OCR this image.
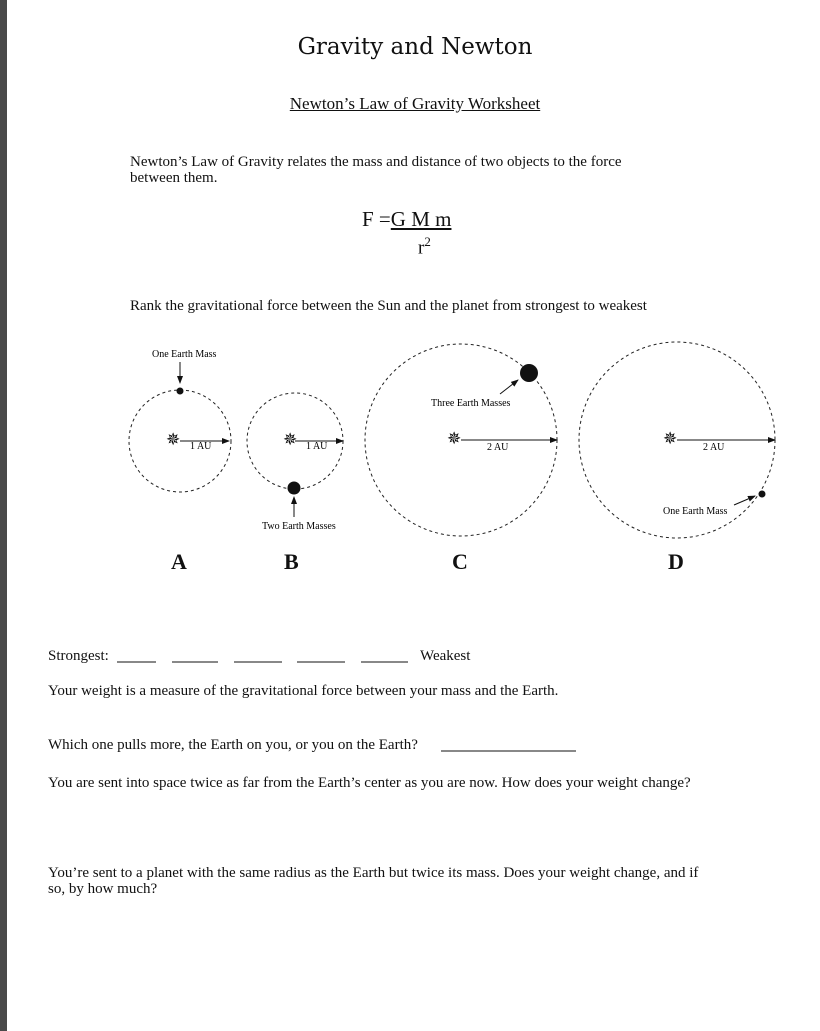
Gravity and Newton
Newton’s Law of Gravity Worksheet
Newton’s Law of Gravity relates the mass and distance of two objects to the force between them.
F =G M m
$r^2$
Rank the gravitational force between the Sun and the planet from strongest to weakest
✵ 1 AU
One Earth Mass
✵ 1 AU
Two Earth Masses
✵	2 AU
Three Earth Masses
✵	2 AU
One Earth Mass
A	B	C	D
Strongest:	Weakest
Your weight is a measure of the gravitational force between your mass and the Earth.
Which one pulls more, the Earth on you, or you on the Earth?
You are sent into space twice as far from the Earth’s center as you are now. How does your weight change?
You’re sent to a planet with the same radius as the Earth but twice its mass. Does your weight change, and if so, by how much?
